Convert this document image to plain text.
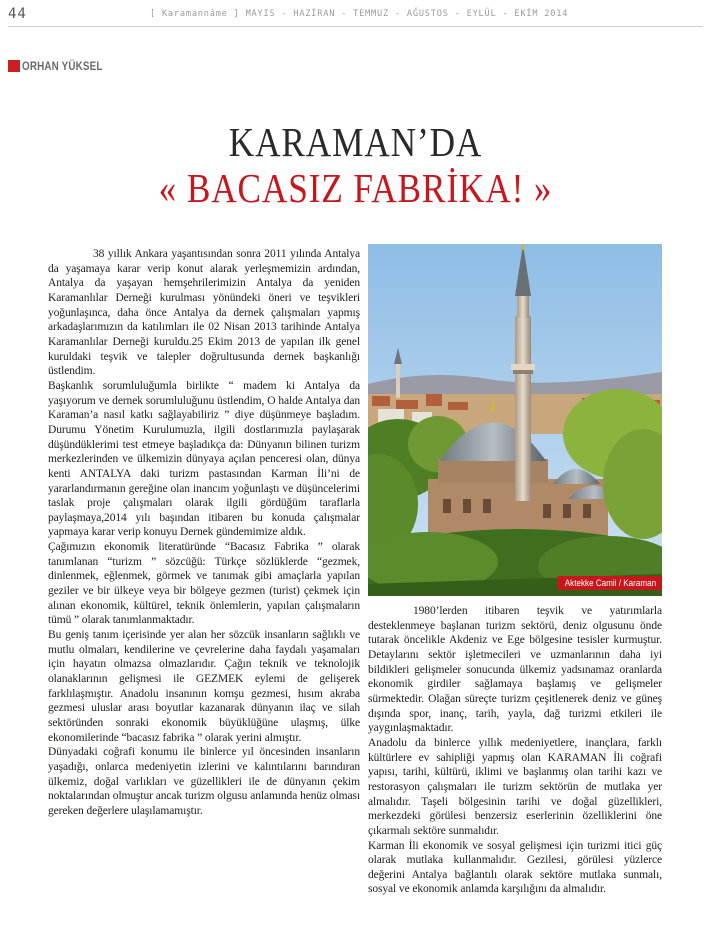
44	[ Karamannâme ] MAYIS - HAZİRAN - TEMMUZ - AĞUSTOS - EYLÜL - EKİM 2014
ORHAN YÜKSEL
KARAMAN’DA
« BACASIZ FABRİKA! »

38 yıllık Ankara yaşantısından sonra 2011 yılında Antalya da yaşamaya karar verip konut alarak yerleşmemizin ardından, Antalya da yaşayan hemşehrilerimizin Antalya da yeniden Karamanlılar Derneği kurulması yönündeki öneri ve teşvikleri yoğunlaşınca, daha önce Antalya da dernek çalışmaları yapmış arkadaşlarımızın da katılımları ile 02 Nisan 2013 tarihinde Antalya Karamanlılar Derneği kuruldu.25 Ekim 2013 de yapılan ilk genel kuruldaki teşvik ve talepler doğrultusunda dernek başkanlığı üstlendim.

Başkanlık sorumluluğumla birlikte “ madem ki Antalya da yaşıyorum ve dernek sorumluluğunu üstlendim, O halde Antalya dan Karaman’a nasıl katkı sağlayabiliriz ” diye düşünmeye başladım. Durumu Yönetim Kurulumuzla, ilgili dostlarımızla paylaşarak düşündüklerimi test etmeye başladıkça da: Dünyanın bilinen turizm merkezlerinden ve ülkemizin dünyaya açılan penceresi olan, dünya kenti ANTALYA daki turizm pastasından Karman İli’ni de yararlandırmanın gereğine olan inancım yoğunlaştı ve düşüncelerimi taslak proje çalışmaları olarak ilgili gördüğüm taraflarla paylaşmaya,2014 yılı başından itibaren bu konuda çalışmalar yapmaya karar verip konuyu Dernek gündemimize aldık.

Çağımızın ekonomik literatüründe “Bacasız Fabrika ” olarak tanımlanan “turizm ” sözcüğü: Türkçe sözlüklerde “gezmek, dinlenmek, eğlenmek, görmek ve tanımak gibi amaçlarla yapılan geziler ve bir ülkeye veya bir bölgeye gezmen (turist) çekmek için alınan ekonomik, kültürel, teknik önlemlerin, yapılan çalışmaların tümü ” olarak tanımlanmaktadır.

Bu geniş tanım içerisinde yer alan her sözcük insanların sağlıklı ve mutlu olmaları, kendilerine ve çevrelerine daha faydalı yaşamaları için hayatın olmazsa olmazlarıdır. Çağın teknik ve teknolojik olanaklarının gelişmesi ile GEZMEK eylemi de gelişerek farklılaşmıştır. Anadolu insanının komşu gezmesi, hısım akraba gezmesi uluslar arası boyutlar kazanarak dünyanın ilaç ve silah sektöründen sonraki ekonomik büyüklüğüne ulaşmış, ülke ekonomilerinde “bacasız fabrika ” olarak yerini almıştır.

Dünyadaki coğrafi konumu ile binlerce yıl öncesinden insanların yaşadığı, onlarca medeniyetin izlerini ve kalıntılarını barındıran ülkemiz, doğal varlıkları ve güzellikleri ile de dünyanın çekim noktalarından olmuştur ancak turizm olgusu anlamında henüz olması gereken değerlere ulaşılamamıştır.

Aktekke Camii / Karaman

1980’lerden itibaren teşvik ve yatırımlarla desteklenmeye başlanan turizm sektörü, deniz olgusunu önde tutarak öncelikle Akdeniz ve Ege bölgesine tesisler kurmuştur. Detaylarını sektör işletmecileri ve uzmanlarının daha iyi bildikleri gelişmeler sonucunda ülkemiz yadsınamaz oranlarda ekonomik girdiler sağlamaya başlamış ve gelişmeler sürmektedir. Olağan süreçte turizm çeşitlenerek deniz ve güneş dışında spor, inanç, tarih, yayla, dağ turizmi etkileri ile yaygınlaşmaktadır.

Anadolu da binlerce yıllık medeniyetlere, inançlara, farklı kültürlere ev sahipliği yapmış olan KARAMAN İli coğrafi yapısı, tarihi, kültürü, iklimi ve başlanmış olan tarihi kazı ve restorasyon çalışmaları ile turizm sektörün de mutlaka yer almalıdır. Taşeli bölgesinin tarihi ve doğal güzellikleri, merkezdeki görülesi benzersiz eserlerinin özelliklerini öne çıkarmalı sektöre sunmalıdır.

Karman İli ekonomik ve sosyal gelişmesi için turizmi itici güç olarak mutlaka kullanmalıdır. Gezilesi, görülesi yüzlerce değerini Antalya bağlantılı olarak sektöre mutlaka sunmalı, sosyal ve ekonomik anlamda karşılığını da almalıdır.
